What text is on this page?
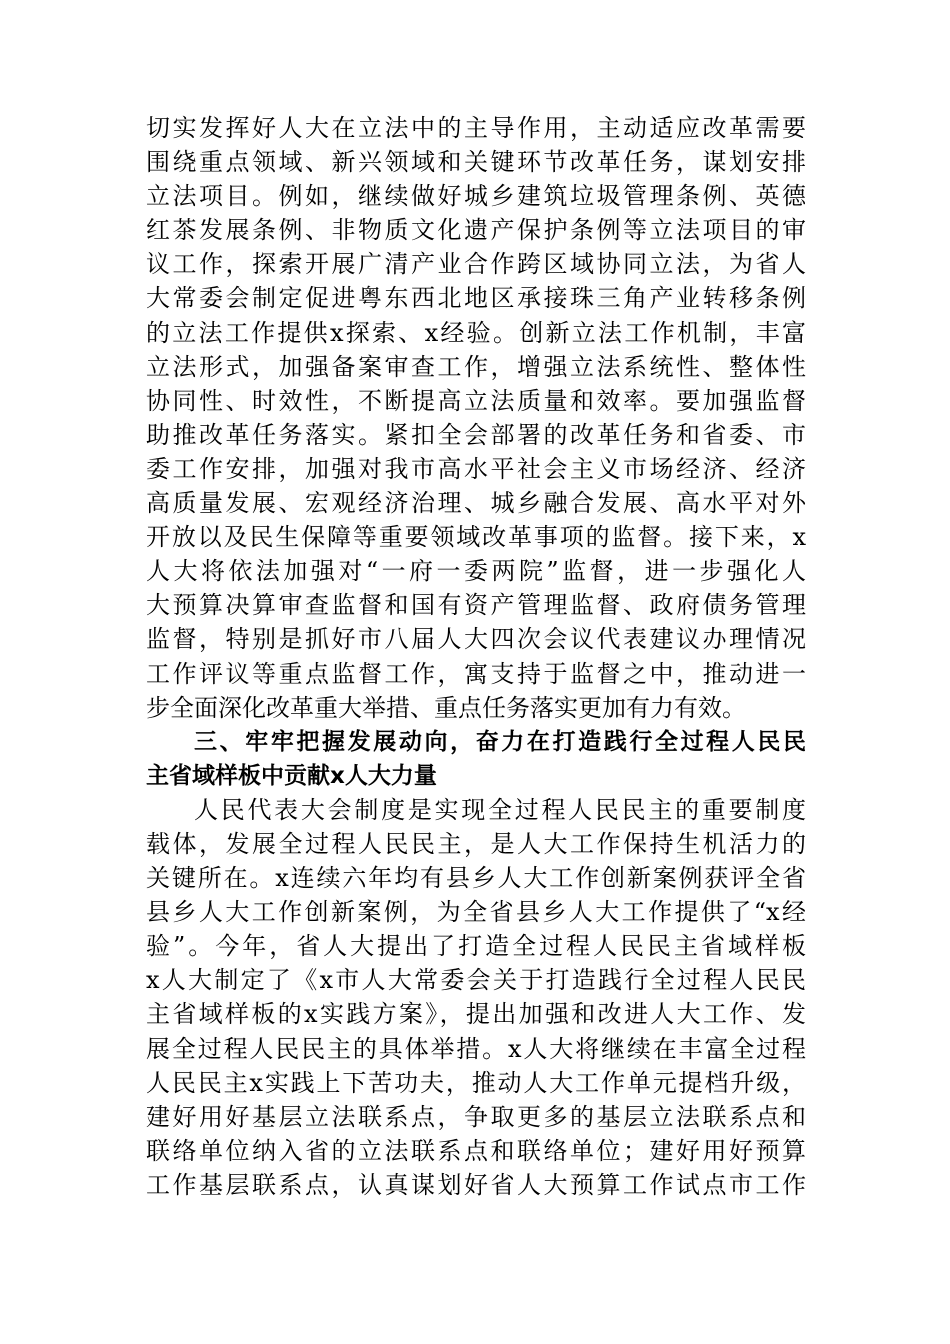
切实发挥好人大在立法中的主导作用，主动适应改革需要
围绕重点领域、新兴领域和关键环节改革任务，谋划安排
立法项目。例如，继续做好城乡建筑垃圾管理条例、英德
红茶发展条例、非物质文化遗产保护条例等立法项目的审
议工作，探索开展广清产业合作跨区域协同立法，为省人
大常委会制定促进粤东西北地区承接珠三角产业转移条例
的立法工作提供x探索、x经验。创新立法工作机制，丰富
立法形式，加强备案审查工作，增强立法系统性、整体性
协同性、时效性，不断提高立法质量和效率。要加强监督
助推改革任务落实。紧扣全会部署的改革任务和省委、市
委工作安排，加强对我市高水平社会主义市场经济、经济
高质量发展、宏观经济治理、城乡融合发展、高水平对外
开放以及民生保障等重要领域改革事项的监督。接下来，x
人大将依法加强对“一府一委两院”监督，进一步强化人
大预算决算审查监督和国有资产管理监督、政府债务管理
监督，特别是抓好市八届人大四次会议代表建议办理情况
工作评议等重点监督工作，寓支持于监督之中，推动进一
步全面深化改革重大举措、重点任务落实更加有力有效。
三、牢牢把握发展动向，奋力在打造践行全过程人民民
主省域样板中贡献x人大力量
人民代表大会制度是实现全过程人民民主的重要制度
载体，发展全过程人民民主，是人大工作保持生机活力的
关键所在。x连续六年均有县乡人大工作创新案例获评全省
县乡人大工作创新案例，为全省县乡人大工作提供了“x经
验”。今年，省人大提出了打造全过程人民民主省域样板
x人大制定了《x市人大常委会关于打造践行全过程人民民
主省域样板的x实践方案》，提出加强和改进人大工作、发
展全过程人民民主的具体举措。x人大将继续在丰富全过程
人民民主x实践上下苦功夫，推动人大工作单元提档升级，
建好用好基层立法联系点，争取更多的基层立法联系点和
联络单位纳入省的立法联系点和联络单位；建好用好预算
工作基层联系点，认真谋划好省人大预算工作试点市工作
